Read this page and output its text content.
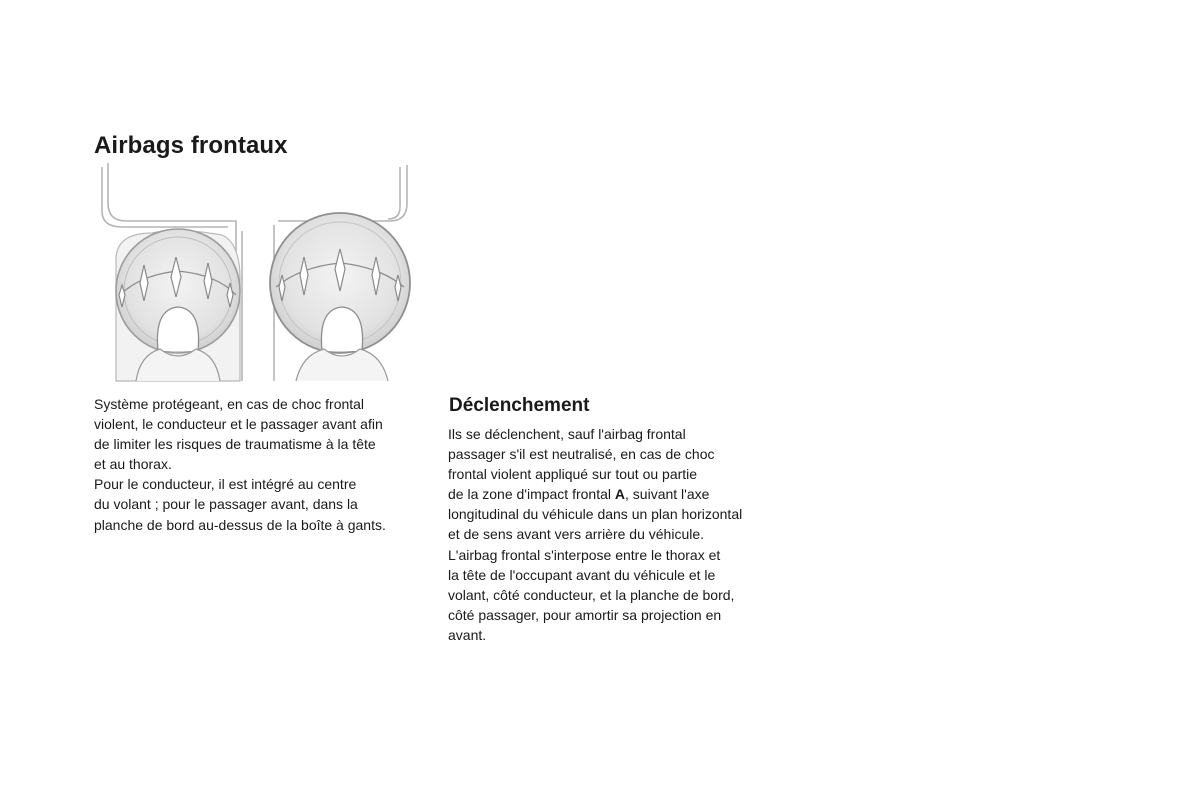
Airbags frontaux
Système protégeant, en cas de choc frontal
violent, le conducteur et le passager avant afin
de limiter les risques de traumatisme à la tête
et au thorax.
Pour le conducteur, il est intégré au centre
du volant ; pour le passager avant, dans la
planche de bord au-dessus de la boîte à gants.
Déclenchement
Ils se déclenchent, sauf l'airbag frontal
passager s'il est neutralisé, en cas de choc
frontal violent appliqué sur tout ou partie
de la zone d'impact frontal A, suivant l'axe
longitudinal du véhicule dans un plan horizontal
et de sens avant vers arrière du véhicule.
L'airbag frontal s'interpose entre le thorax et
la tête de l'occupant avant du véhicule et le
volant, côté conducteur, et la planche de bord,
côté passager, pour amortir sa projection en
avant.
